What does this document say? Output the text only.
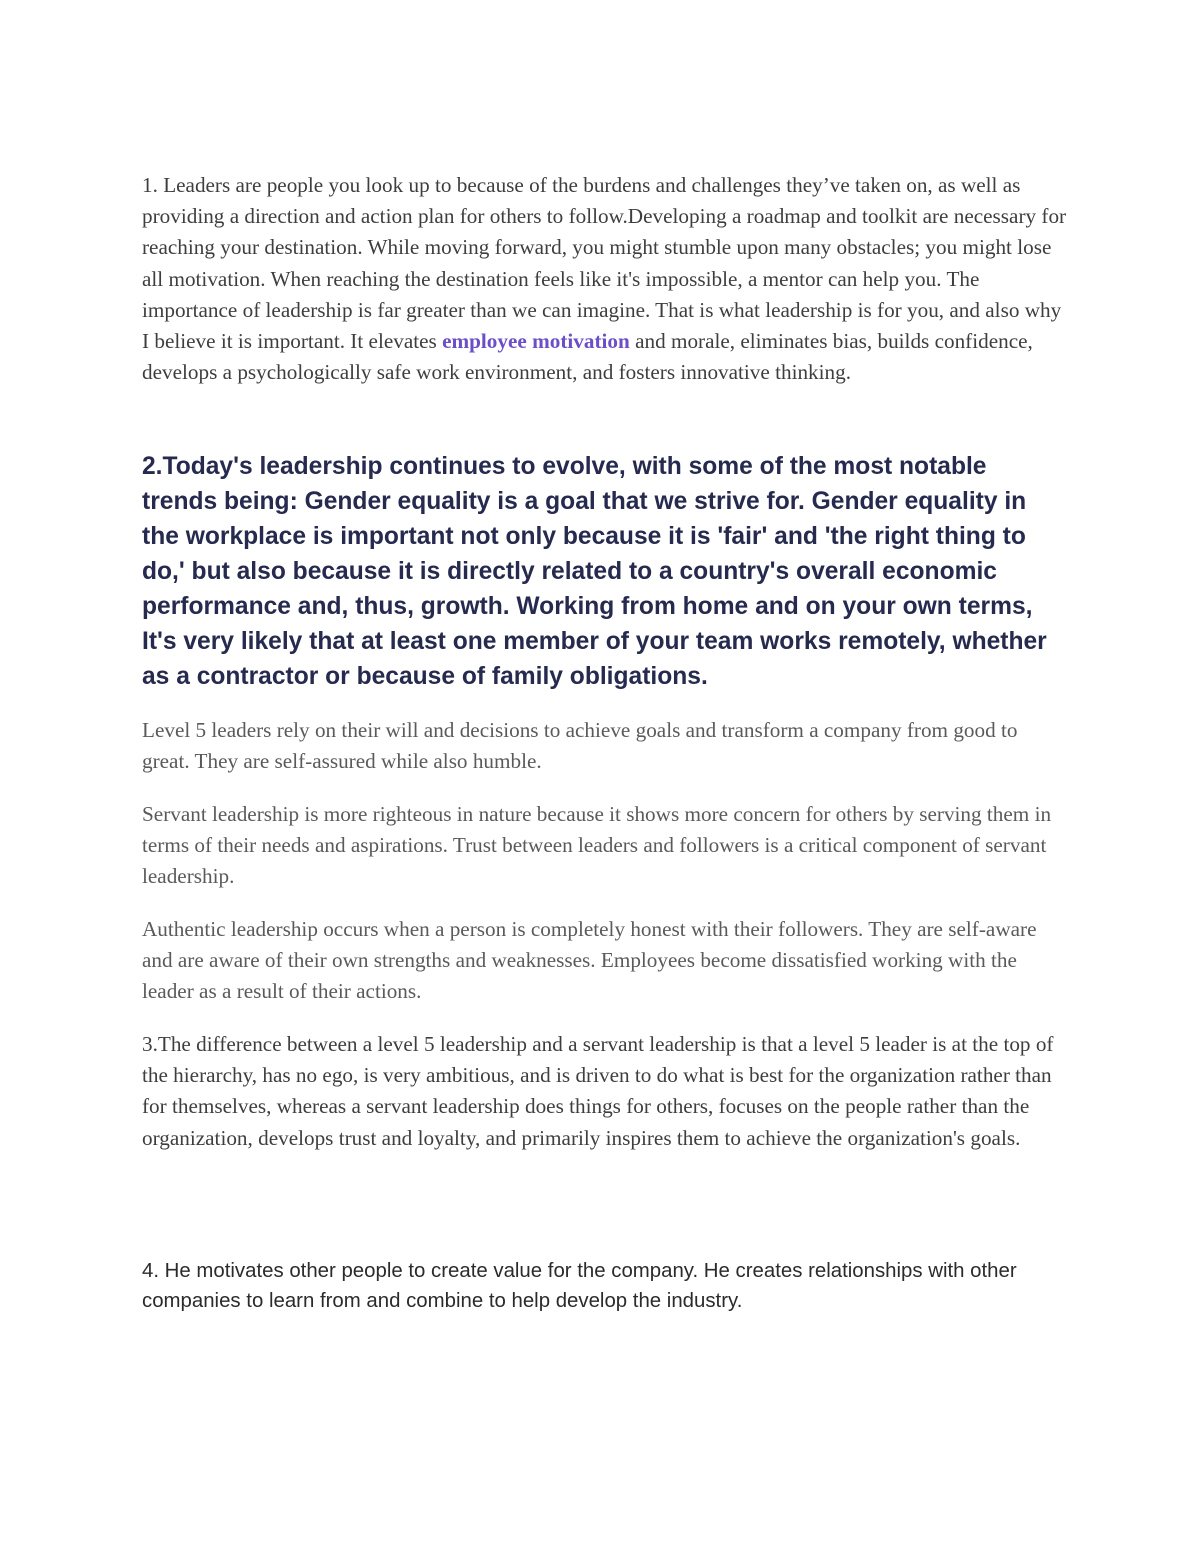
1. Leaders are people you look up to because of the burdens and challenges they’ve taken on, as well as providing a direction and action plan for others to follow.Developing a roadmap and toolkit are necessary for reaching your destination. While moving forward, you might stumble upon many obstacles; you might lose all motivation. When reaching the destination feels like it's impossible, a mentor can help you. The importance of leadership is far greater than we can imagine. That is what leadership is for you, and also why I believe it is important. It elevates employee motivation and morale, eliminates bias, builds confidence, develops a psychologically safe work environment, and fosters innovative thinking.

2.Today's leadership continues to evolve, with some of the most notable trends being: Gender equality is a goal that we strive for. Gender equality in the workplace is important not only because it is 'fair' and 'the right thing to do,' but also because it is directly related to a country's overall economic performance and, thus, growth. Working from home and on your own terms, It's very likely that at least one member of your team works remotely, whether as a contractor or because of family obligations.

Level 5 leaders rely on their will and decisions to achieve goals and transform a company from good to great. They are self-assured while also humble.

Servant leadership is more righteous in nature because it shows more concern for others by serving them in terms of their needs and aspirations. Trust between leaders and followers is a critical component of servant leadership.

Authentic leadership occurs when a person is completely honest with their followers. They are self-aware and are aware of their own strengths and weaknesses. Employees become dissatisfied working with the leader as a result of their actions.

3.The difference between a level 5 leadership and a servant leadership is that a level 5 leader is at the top of the hierarchy, has no ego, is very ambitious, and is driven to do what is best for the organization rather than for themselves, whereas a servant leadership does things for others, focuses on the people rather than the organization, develops trust and loyalty, and primarily inspires them to achieve the organization's goals.

4. He motivates other people to create value for the company. He creates relationships with other companies to learn from and combine to help develop the industry.
